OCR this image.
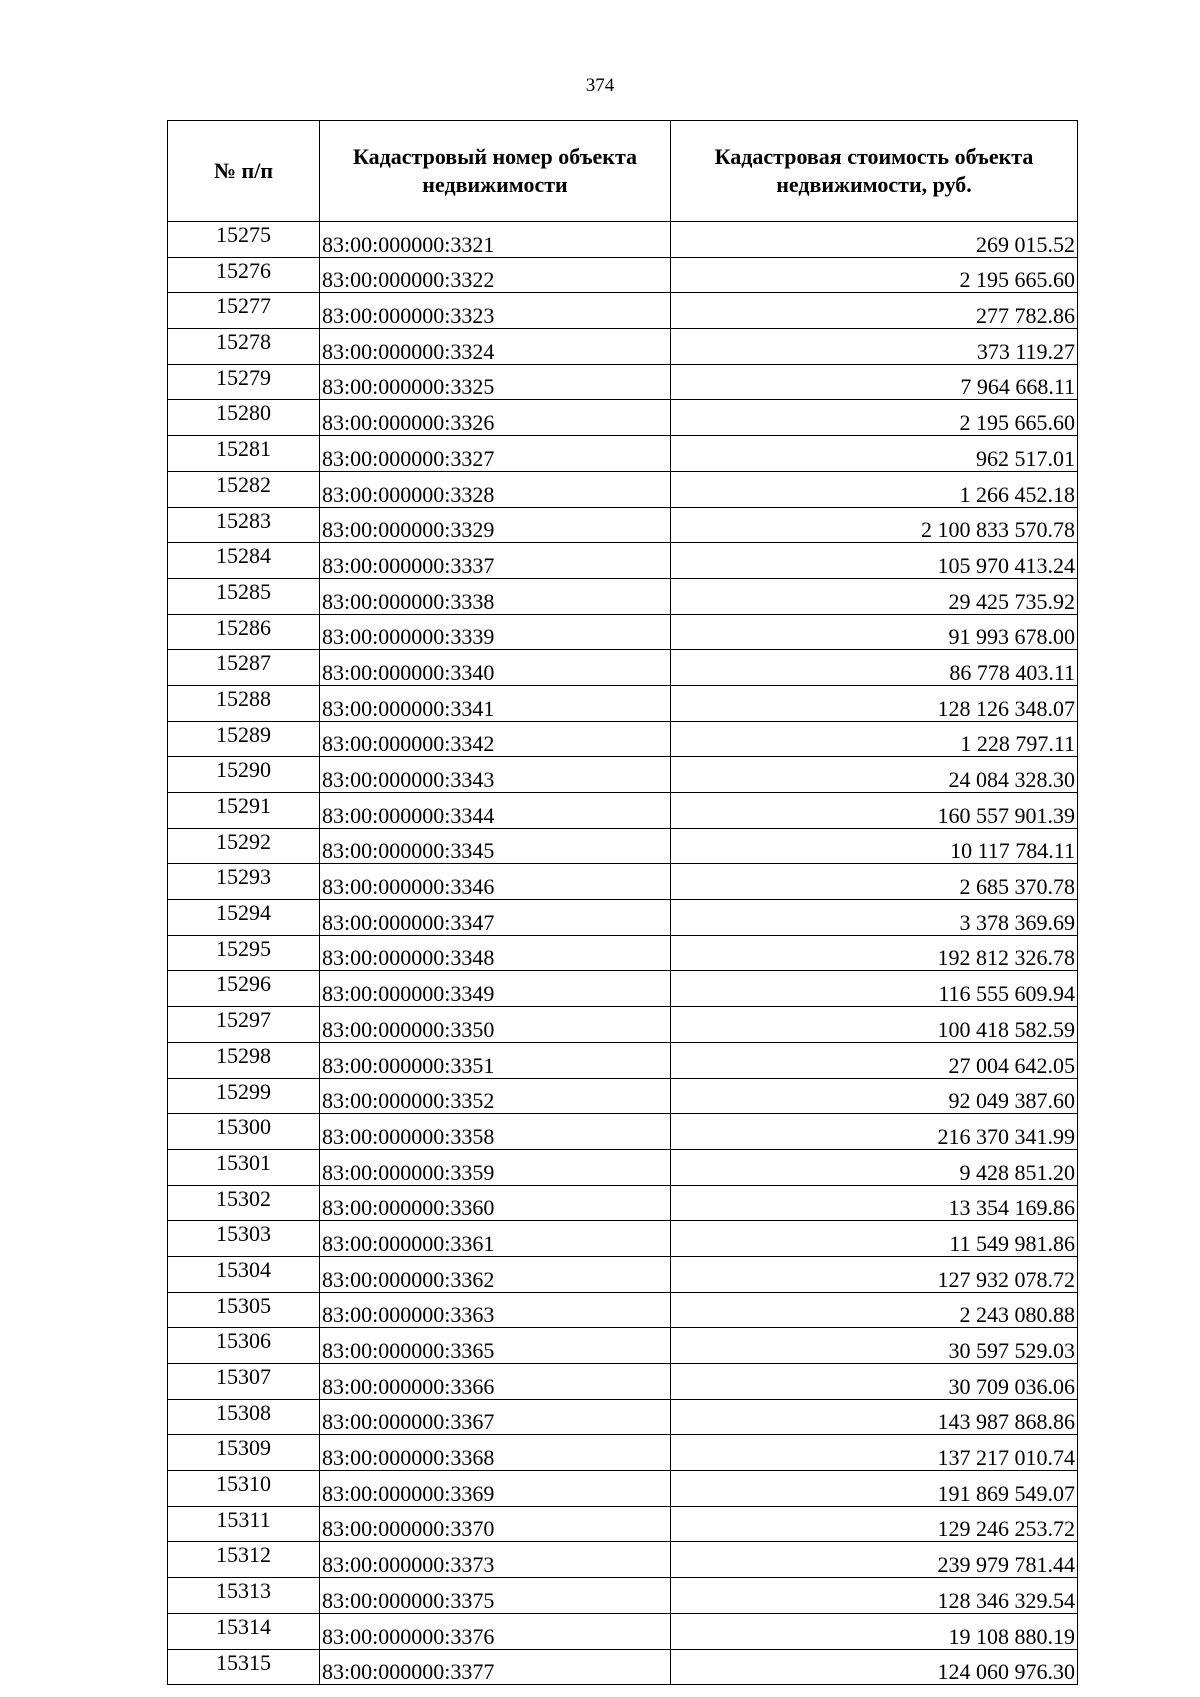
374
№ п/п	Кадастровый номер объекта недвижимости	Кадастровая стоимость объекта недвижимости, руб.
15275	83:00:000000:3321	269 015.52
15276	83:00:000000:3322	2 195 665.60
15277	83:00:000000:3323	277 782.86
15278	83:00:000000:3324	373 119.27
15279	83:00:000000:3325	7 964 668.11
15280	83:00:000000:3326	2 195 665.60
15281	83:00:000000:3327	962 517.01
15282	83:00:000000:3328	1 266 452.18
15283	83:00:000000:3329	2 100 833 570.78
15284	83:00:000000:3337	105 970 413.24
15285	83:00:000000:3338	29 425 735.92
15286	83:00:000000:3339	91 993 678.00
15287	83:00:000000:3340	86 778 403.11
15288	83:00:000000:3341	128 126 348.07
15289	83:00:000000:3342	1 228 797.11
15290	83:00:000000:3343	24 084 328.30
15291	83:00:000000:3344	160 557 901.39
15292	83:00:000000:3345	10 117 784.11
15293	83:00:000000:3346	2 685 370.78
15294	83:00:000000:3347	3 378 369.69
15295	83:00:000000:3348	192 812 326.78
15296	83:00:000000:3349	116 555 609.94
15297	83:00:000000:3350	100 418 582.59
15298	83:00:000000:3351	27 004 642.05
15299	83:00:000000:3352	92 049 387.60
15300	83:00:000000:3358	216 370 341.99
15301	83:00:000000:3359	9 428 851.20
15302	83:00:000000:3360	13 354 169.86
15303	83:00:000000:3361	11 549 981.86
15304	83:00:000000:3362	127 932 078.72
15305	83:00:000000:3363	2 243 080.88
15306	83:00:000000:3365	30 597 529.03
15307	83:00:000000:3366	30 709 036.06
15308	83:00:000000:3367	143 987 868.86
15309	83:00:000000:3368	137 217 010.74
15310	83:00:000000:3369	191 869 549.07
15311	83:00:000000:3370	129 246 253.72
15312	83:00:000000:3373	239 979 781.44
15313	83:00:000000:3375	128 346 329.54
15314	83:00:000000:3376	19 108 880.19
15315	83:00:000000:3377	124 060 976.30
